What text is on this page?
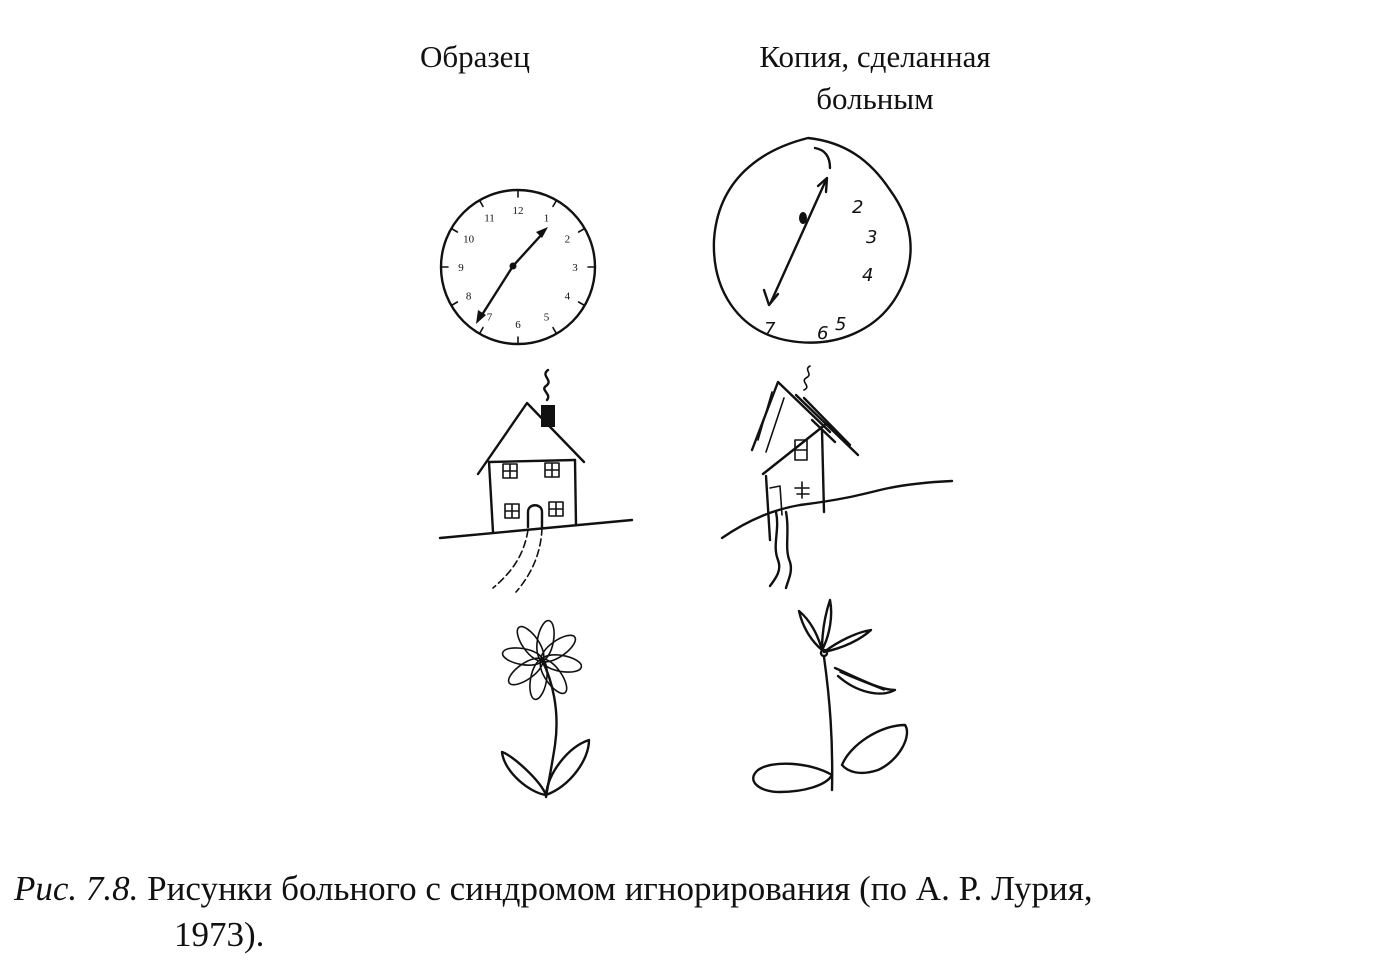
Образец	Копия, сделанная
больным
12
1
2
3
4
5
6
7
8
9
10
11
2
3
4
6 5
7
Рис. 7.8. Рисунки больного с синдромом игнорирования (по А. Р. Лурия,
1973).
